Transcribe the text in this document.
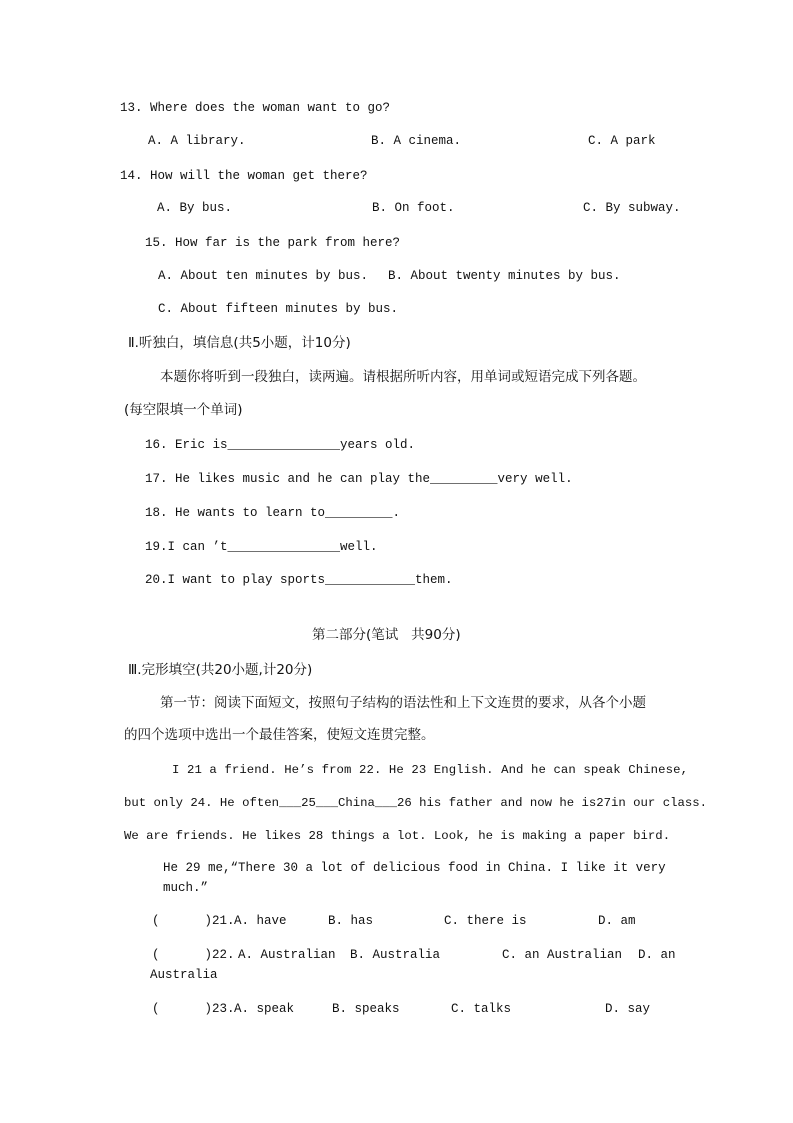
13. Where does the woman want to go?
A. A library.	B. A cinema.	C. A park
14. How will the woman get there?
A. By bus.	B. On foot.	C. By subway.
15. How far is the park from here?
A. About ten minutes by bus. B. About twenty minutes by bus.
C. About fifteen minutes by bus.
Ⅱ.听独白，填信息(共5小题，计10分)
本题你将听到一段独白，读两遍。请根据所听内容，用单词或短语完成下列各题。
(每空限填一个单词)
16. Eric is_______________years old.
17. He likes music and he can play the_________very well.
18. He wants to learn to_________.
19.I can ’t_______________well.
20.I want to play sports____________them.
第二部分(笔试   共90分)
Ⅲ.完形填空(共20小题,计20分)
第一节：阅读下面短文，按照句子结构的语法性和上下文连贯的要求，从各个小题
的四个选项中选出一个最佳答案，使短文连贯完整。
I 21 a friend. He’s from 22. He 23 English. And he can speak Chinese,
but only 24. He often___25___China___26 his father and now he is27in our class.
We are friends. He likes 28 things a lot. Look, he is making a paper bird.
He 29 me,“There 30 a lot of delicious food in China. I like it very much.”
(      )21. A. have	B. has	C. there is	D. am
(      )22. A. Australian B. Australia	C. an Australian D. an
Australia
(      )23. A. speak	B. speaks	C. talks	D. say
